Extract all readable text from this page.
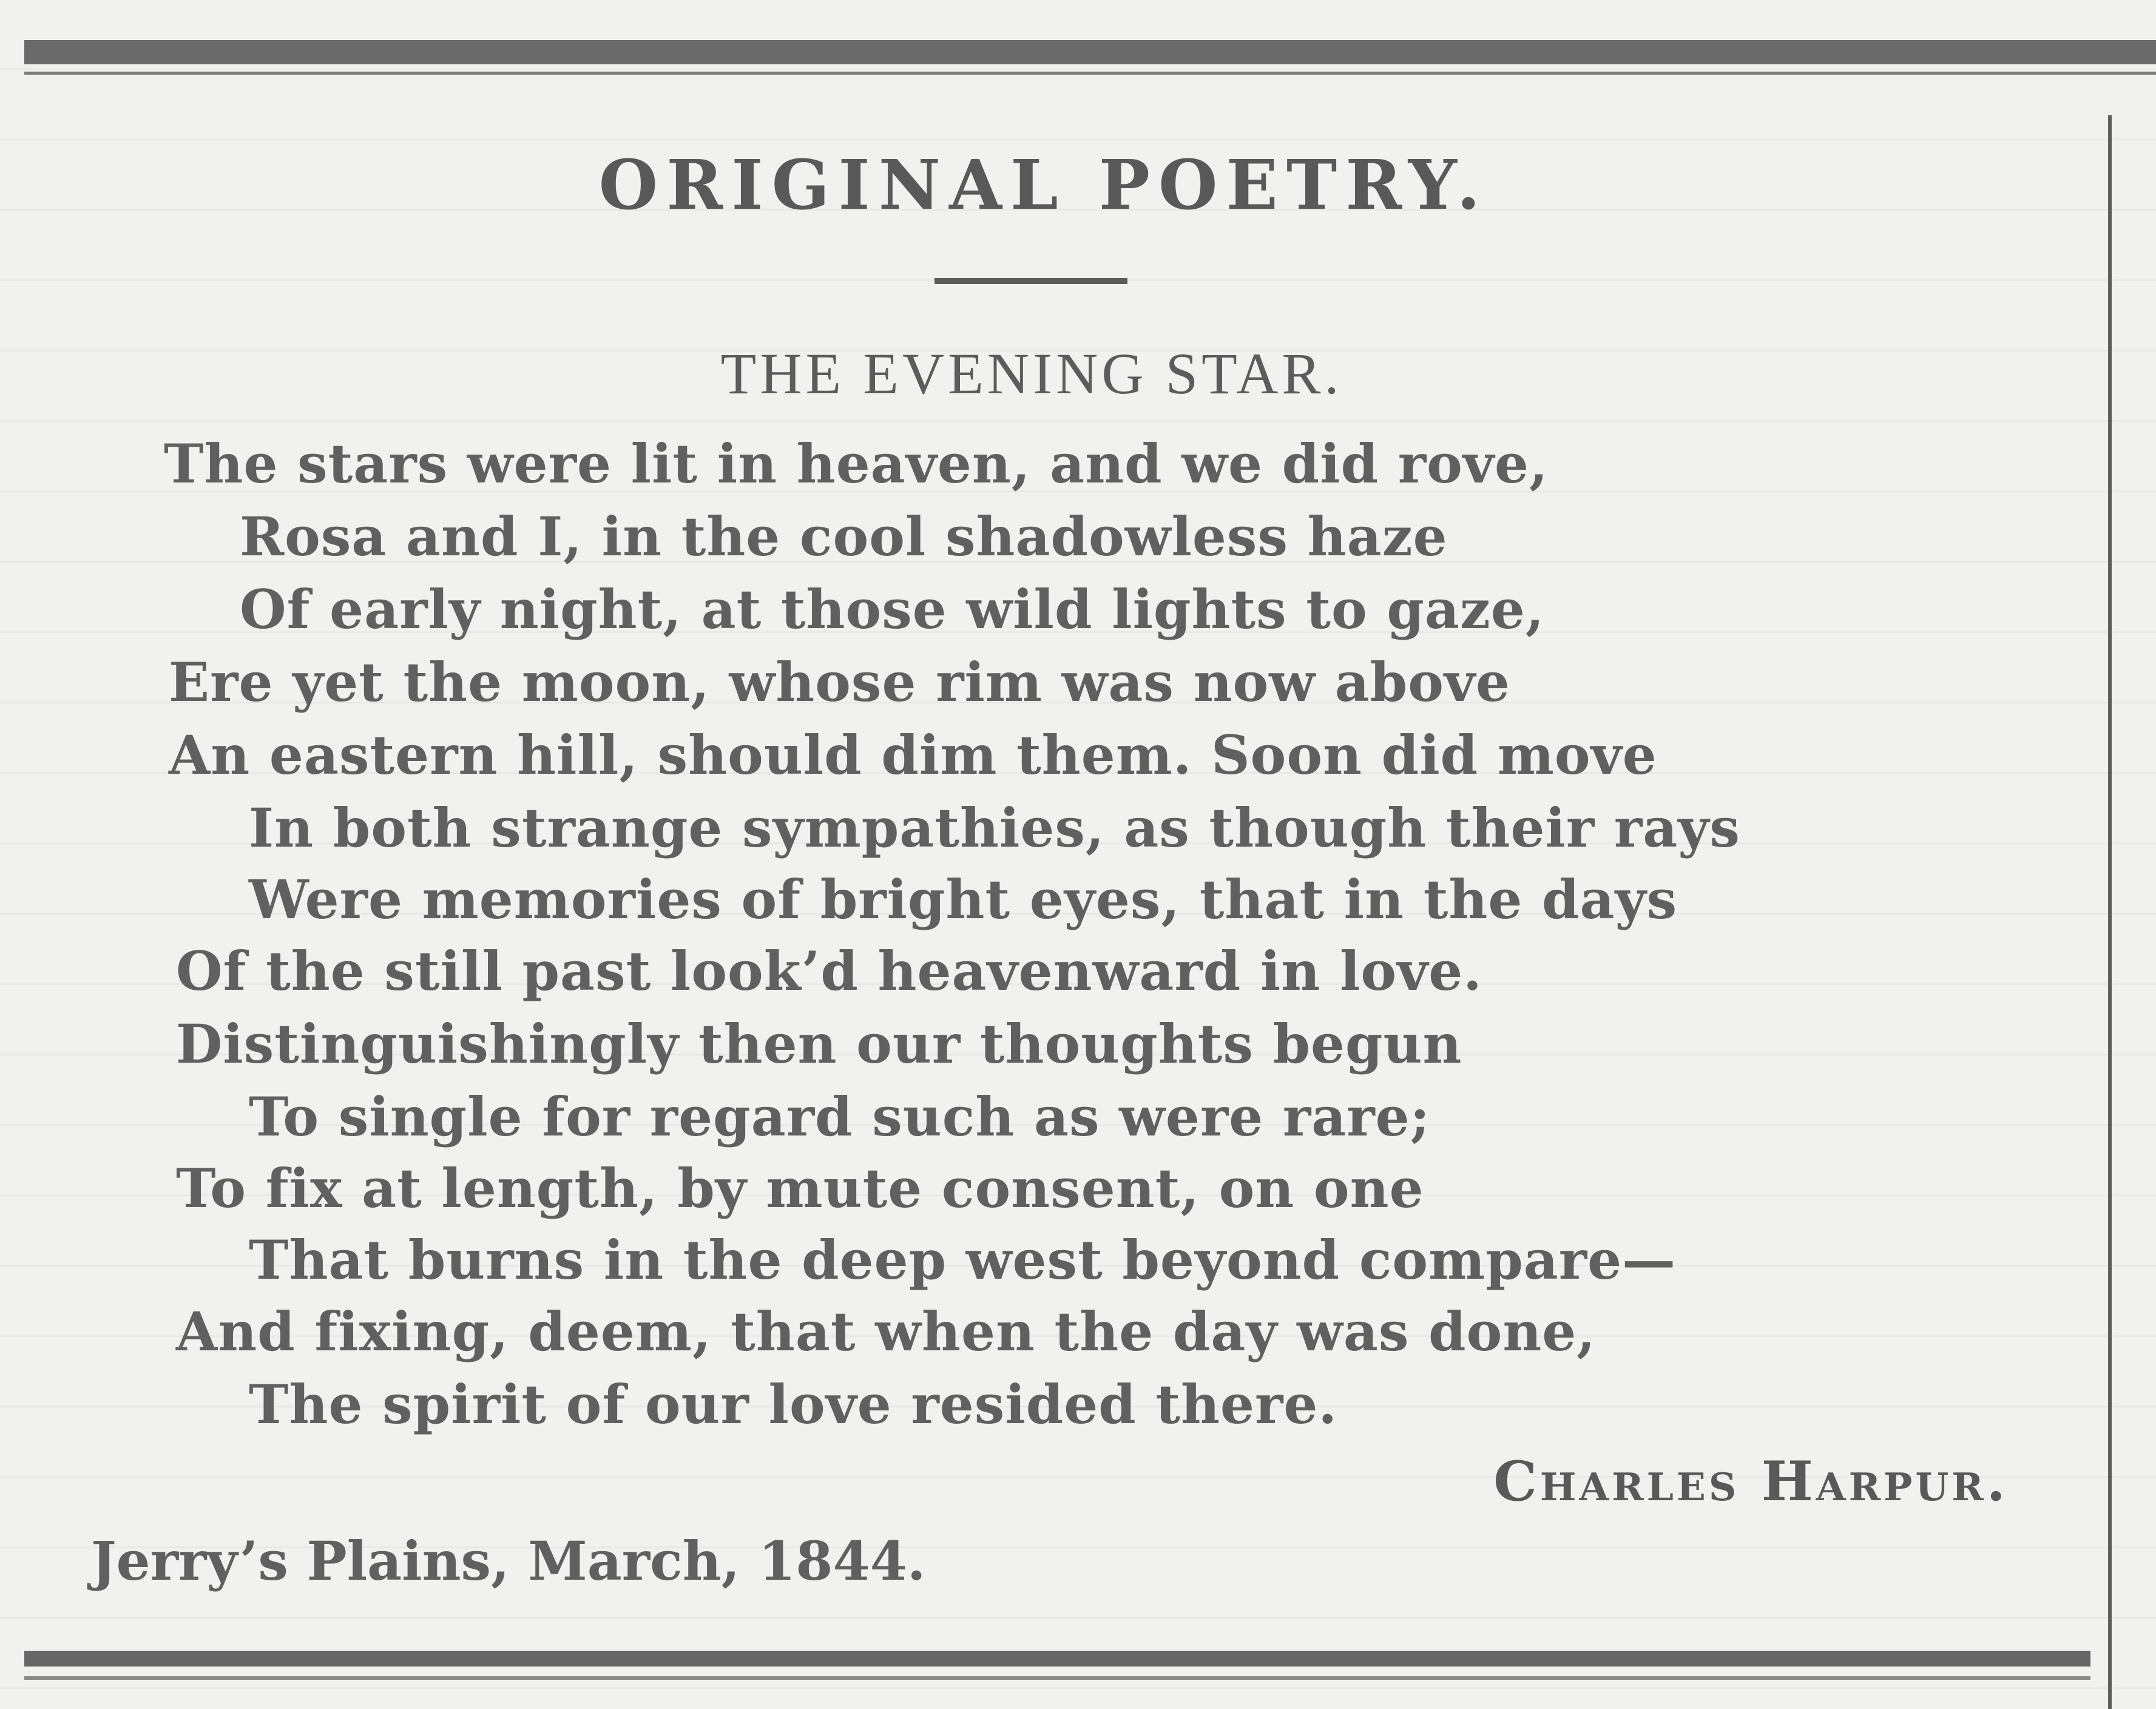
ORIGINAL POETRY.
THE EVENING STAR.
The stars were lit in heaven, and we did rove,
Rosa and I, in the cool shadowless haze
Of early night, at those wild lights to gaze,
Ere yet the moon, whose rim was now above
An eastern hill, should dim them. Soon did move
In both strange sympathies, as though their rays
Were memories of bright eyes, that in the days
Of the still past look’d heavenward in love.
Distinguishingly then our thoughts begun
To single for regard such as were rare;
To fix at length, by mute consent, on one
That burns in the deep west beyond compare—
And fixing, deem, that when the day was done,
The spirit of our love resided there.
Charles Harpur.
Jerry’s Plains, March, 1844.
